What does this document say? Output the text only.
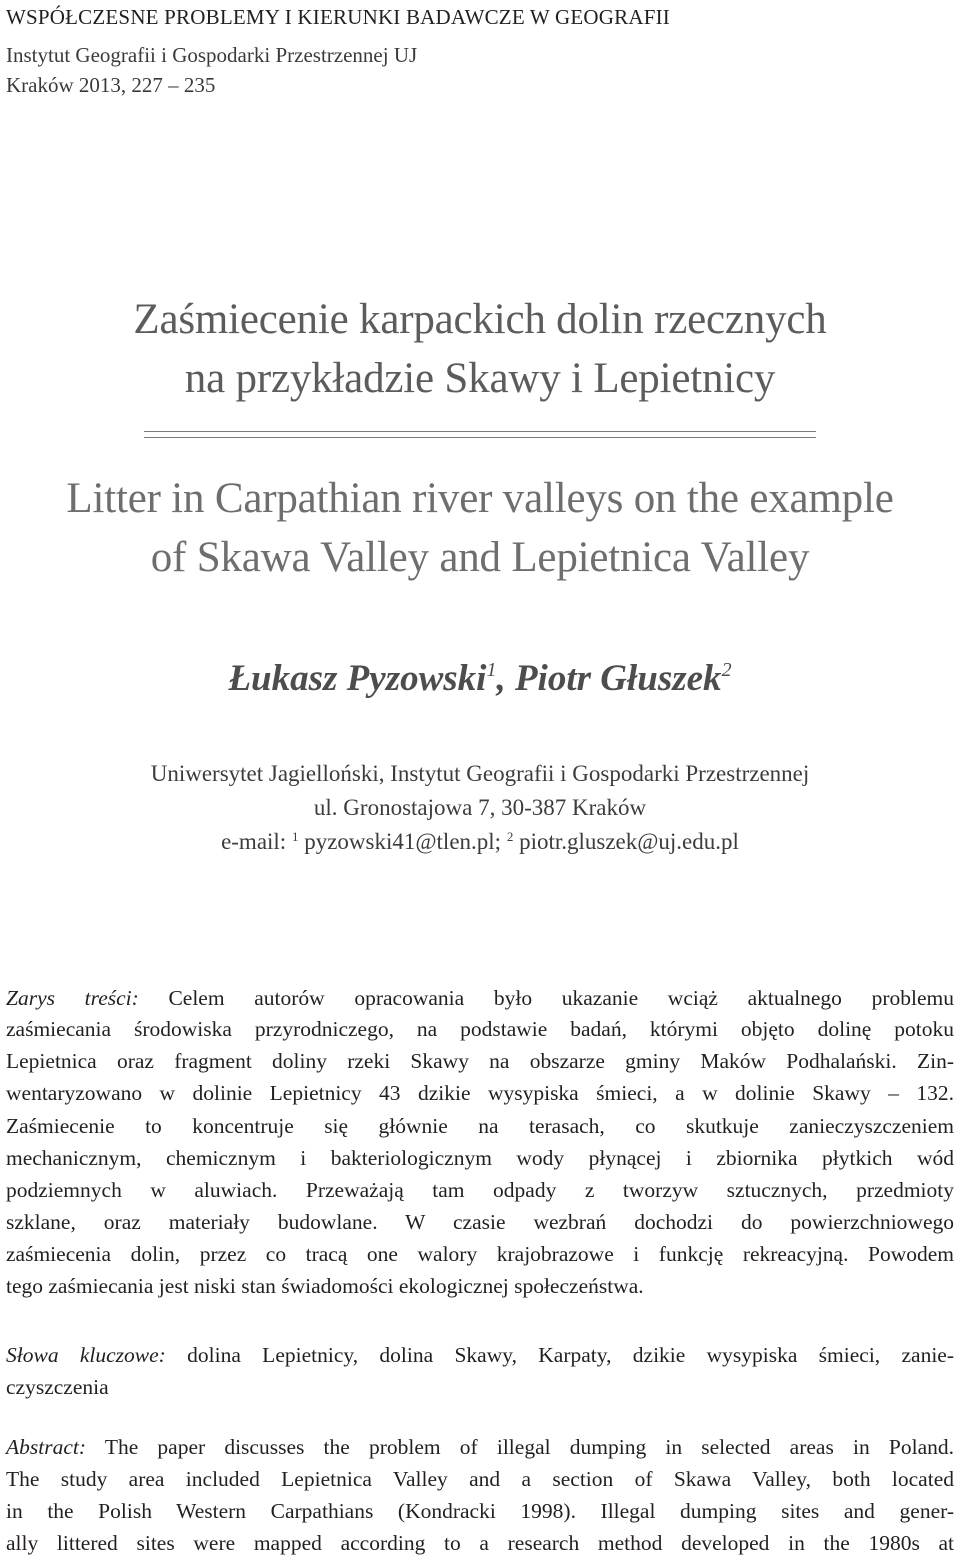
WSPÓŁCZESNE PROBLEMY I KIERUNKI BADAWCZE W GEOGRAFII
Instytut Geografii i Gospodarki Przestrzennej UJ
Kraków 2013, 227 – 235
Zaśmiecenie karpackich dolin rzecznych
na przykładzie Skawy i Lepietnicy
Litter in Carpathian river valleys on the example
of Skawa Valley and Lepietnica Valley
Łukasz Pyzowski$^1$, Piotr Głuszek$^2$
Uniwersytet Jagielloński, Instytut Geografii i Gospodarki Przestrzennej
ul. Gronostajowa 7, 30-387 Kraków
e-mail: $^1$ pyzowski41@tlen.pl; $^2$ piotr.gluszek@uj.edu.pl
Zarys treści: Celem autorów opracowania było ukazanie wciąż aktualnego problemu
zaśmiecania środowiska przyrodniczego, na podstawie badań, którymi objęto dolinę potoku
Lepietnica oraz fragment doliny rzeki Skawy na obszarze gminy Maków Podhalański. Zin-
wentaryzowano w dolinie Lepietnicy 43 dzikie wysypiska śmieci, a w dolinie Skawy – 132.
Zaśmiecenie to koncentruje się głównie na terasach, co skutkuje zanieczyszczeniem
mechanicznym, chemicznym i bakteriologicznym wody płynącej i zbiornika płytkich wód
podziemnych w aluwiach. Przeważają tam odpady z tworzyw sztucznych, przedmioty
szklane, oraz materiały budowlane. W czasie wezbrań dochodzi do powierzchniowego
zaśmiecenia dolin, przez co tracą one walory krajobrazowe i funkcję rekreacyjną. Powodem
tego zaśmiecania jest niski stan świadomości ekologicznej społeczeństwa.
Słowa kluczowe: dolina Lepietnicy, dolina Skawy, Karpaty, dzikie wysypiska śmieci, zanie-
czyszczenia
Abstract: The paper discusses the problem of illegal dumping in selected areas in Poland.
The study area included Lepietnica Valley and a section of Skawa Valley, both located
in the Polish Western Carpathians (Kondracki 1998). Illegal dumping sites and gener-
ally littered sites were mapped according to a research method developed in the 1980s at
